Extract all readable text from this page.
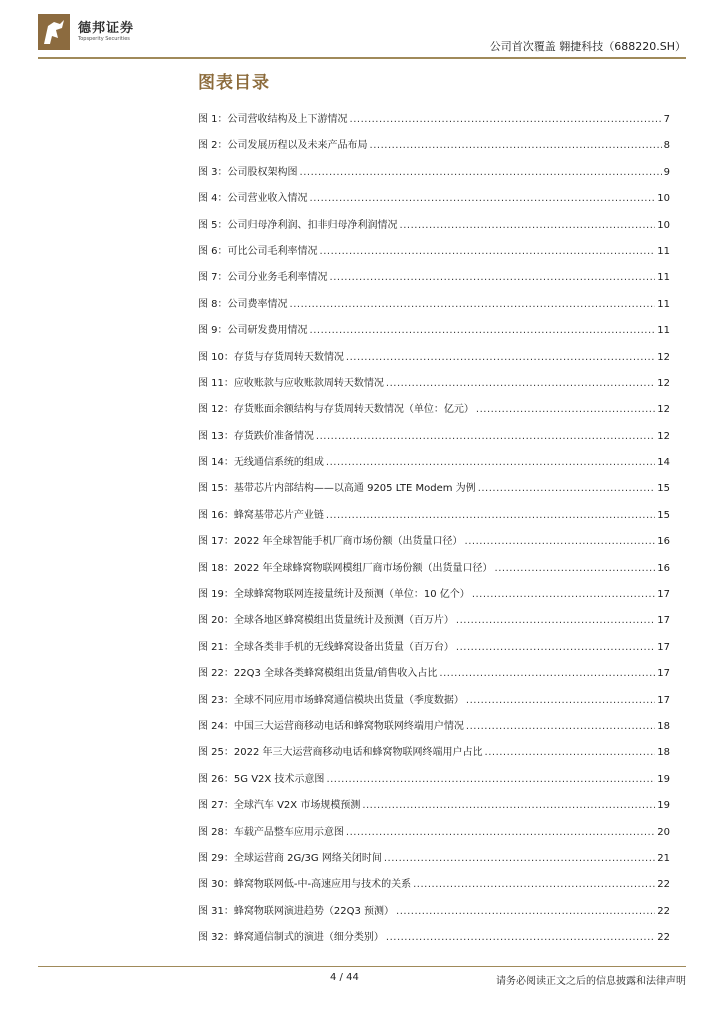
德邦证券
Topsperity Securities
公司首次覆盖 翱捷科技（688220.SH）
图表目录
图 1：公司营收结构及上下游情况 .....	7
图 2：公司发展历程以及未来产品布局 .....	8
图 3：公司股权架构图 .....	9
图 4：公司营业收入情况 .....	10
图 5：公司归母净利润、扣非归母净利润情况 .....	10
图 6：可比公司毛利率情况 .....	11
图 7：公司分业务毛利率情况 .....	11
图 8：公司费率情况 .....	11
图 9：公司研发费用情况 .....	11
图 10：存货与存货周转天数情况 .....	12
图 11：应收账款与应收账款周转天数情况 .....	12
图 12：存货账面余额结构与存货周转天数情况（单位：亿元） .....	12
图 13：存货跌价准备情况 .....	12
图 14：无线通信系统的组成 .....	14
图 15：基带芯片内部结构——以高通 9205 LTE Modem 为例 .....	15
图 16：蜂窝基带芯片产业链 .....	15
图 17：2022 年全球智能手机厂商市场份额（出货量口径） .....	16
图 18：2022 年全球蜂窝物联网模组厂商市场份额（出货量口径） .....	16
图 19：全球蜂窝物联网连接量统计及预测（单位：10 亿个） .....	17
图 20：全球各地区蜂窝模组出货量统计及预测（百万片） .....	17
图 21：全球各类非手机的无线蜂窝设备出货量（百万台） .....	17
图 22：22Q3 全球各类蜂窝模组出货量/销售收入占比 .....	17
图 23：全球不同应用市场蜂窝通信模块出货量（季度数据） .....	17
图 24：中国三大运营商移动电话和蜂窝物联网终端用户情况 .....	18
图 25：2022 年三大运营商移动电话和蜂窝物联网终端用户占比 .....	18
图 26：5G V2X 技术示意图 .....	19
图 27：全球汽车 V2X 市场规模预测 .....	19
图 28：车载产品整车应用示意图 .....	20
图 29：全球运营商 2G/3G 网络关闭时间 .....	21
图 30：蜂窝物联网低-中-高速应用与技术的关系 .....	22
图 31：蜂窝物联网演进趋势（22Q3 预测） .....	22
图 32：蜂窝通信制式的演进（细分类别） .....	22
4 / 44	请务必阅读正文之后的信息披露和法律声明
